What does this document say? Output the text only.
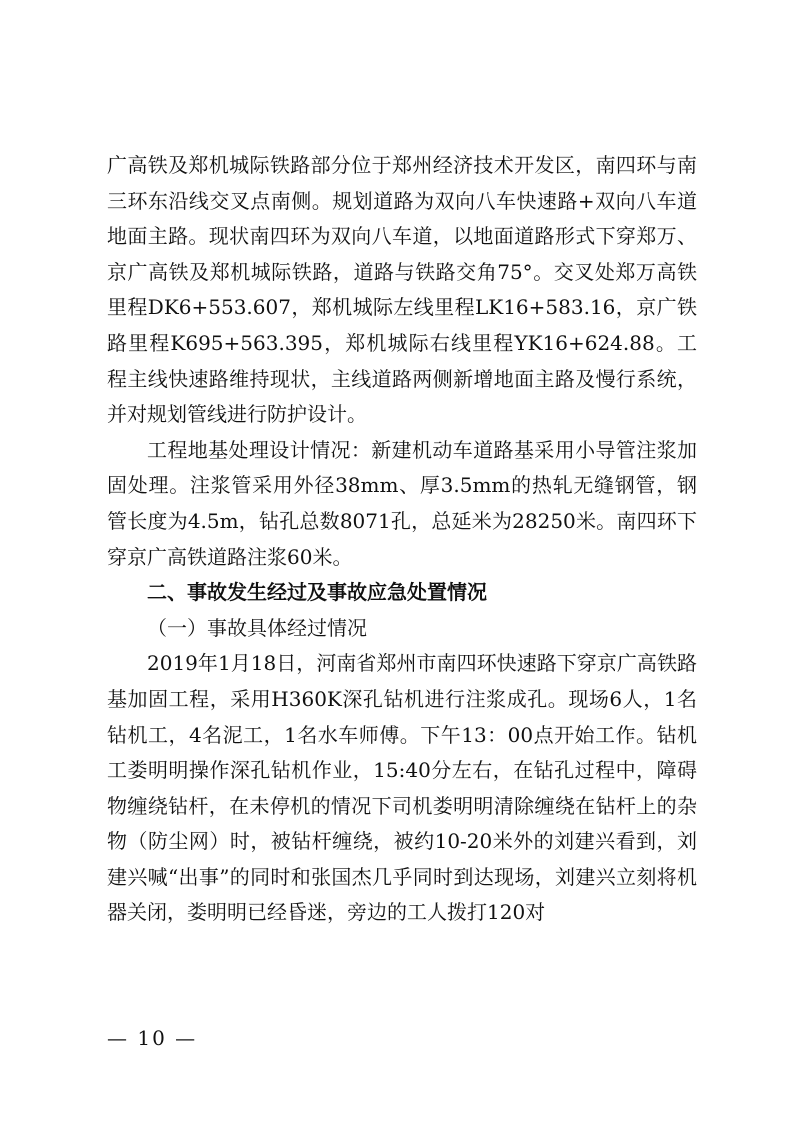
广高铁及郑机城际铁路部分位于郑州经济技术开发区，南四环与南三环东沿线交叉点南侧。规划道路为双向八车快速路+双向八车道地面主路。现状南四环为双向八车道，以地面道路形式下穿郑万、京广高铁及郑机城际铁路，道路与铁路交角75°。交叉处郑万高铁里程DK6+553.607，郑机城际左线里程LK16+583.16，京广铁路里程K695+563.395，郑机城际右线里程YK16+624.88。工程主线快速路维持现状，主线道路两侧新增地面主路及慢行系统，并对规划管线进行防护设计。

工程地基处理设计情况：新建机动车道路基采用小导管注浆加固处理。注浆管采用外径38mm、厚3.5mm的热轧无缝钢管，钢管长度为4.5m，钻孔总数8071孔，总延米为28250米。南四环下穿京广高铁道路注浆60米。

二、事故发生经过及事故应急处置情况

（一）事故具体经过情况

2019年1月18日，河南省郑州市南四环快速路下穿京广高铁路基加固工程，采用H360K深孔钻机进行注浆成孔。现场6人，1名钻机工，4名泥工，1名水车师傅。下午13：00点开始工作。钻机工娄明明操作深孔钻机作业，15:40分左右，在钻孔过程中，障碍物缠绕钻杆，在未停机的情况下司机娄明明清除缠绕在钻杆上的杂物（防尘网）时，被钻杆缠绕，被约10-20米外的刘建兴看到，刘建兴喊“出事”的同时和张国杰几乎同时到达现场，刘建兴立刻将机器关闭，娄明明已经昏迷，旁边的工人拨打120对

— 10 —
